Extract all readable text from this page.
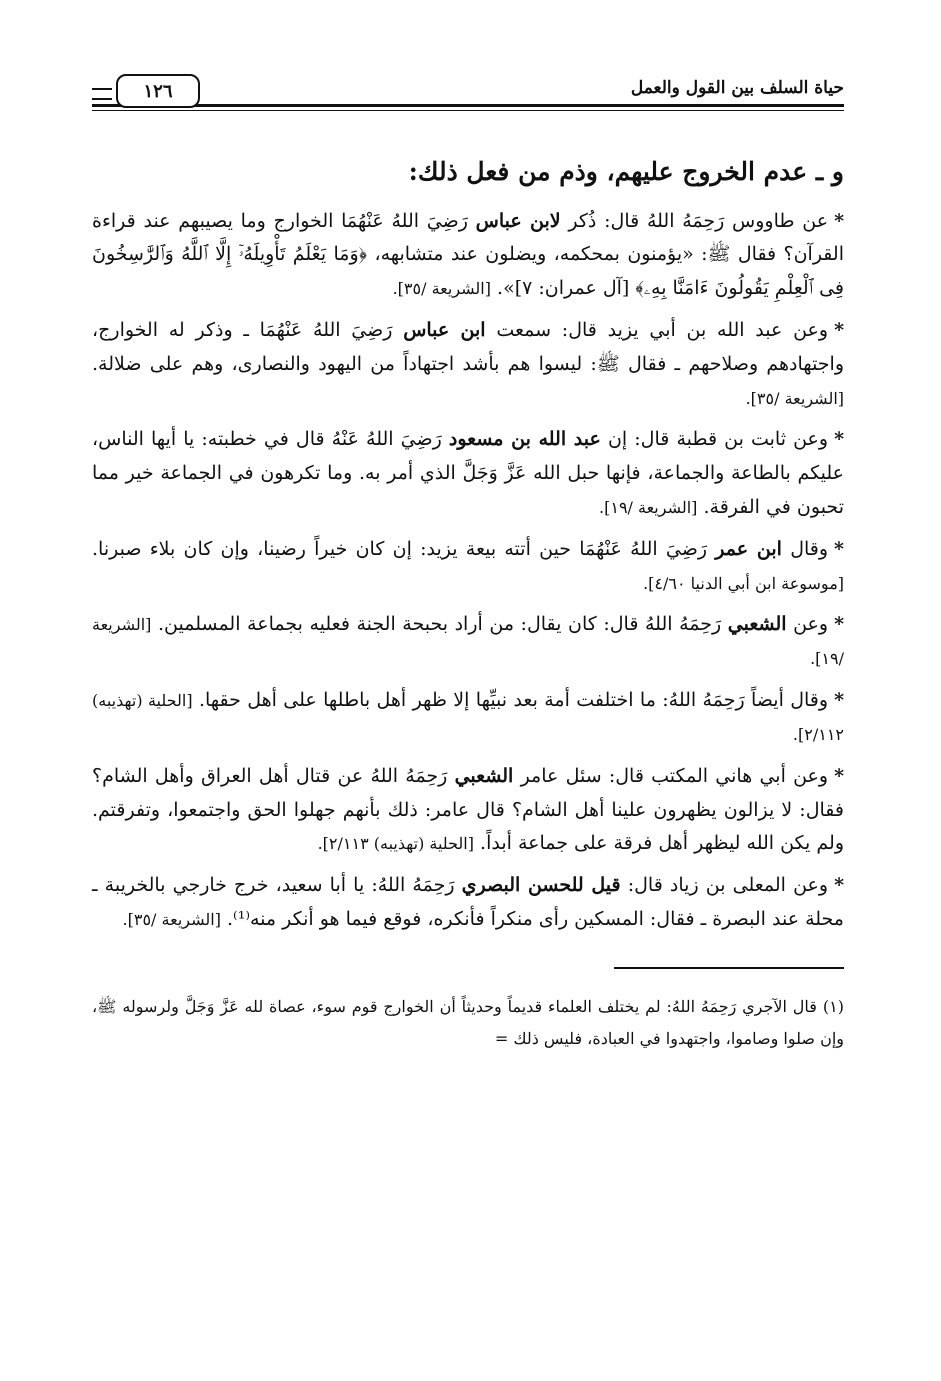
حياة السلف بين القول والعمل
١٢٦
و ـ عدم الخروج عليهم، وذم من فعل ذلك:

*عن طاووس رَحِمَهُ اللهُ قال: ذُكر لابن عباس رَضِيَ اللهُ عَنْهُمَا الخوارج وما يصيبهم عند قراءة القرآن؟ فقال ﷺ: «يؤمنون بمحكمه، ويضلون عند متشابهه، ﴿وَمَا يَعْلَمُ تَأْوِيلَهُۥٓ إِلَّا ٱللَّهُ وَٱلرَّٰسِخُونَ فِى ٱلْعِلْمِ يَقُولُونَ ءَامَنَّا بِهِۦ﴾ [آل عمران: ٧]». [الشريعة /٣٥].

*وعن عبد الله بن أبي يزيد قال: سمعت ابن عباس رَضِيَ اللهُ عَنْهُمَا ـ وذكر له الخوارج، واجتهادهم وصلاحهم ـ فقال ﷺ: ليسوا هم بأشد اجتهاداً من اليهود والنصارى، وهم على ضلالة. [الشريعة /٣٥].

*وعن ثابت بن قطبة قال: إن عبد الله بن مسعود رَضِيَ اللهُ عَنْهُ قال في خطبته: يا أيها الناس، عليكم بالطاعة والجماعة، فإنها حبل الله عَزَّ وَجَلَّ الذي أمر به. وما تكرهون في الجماعة خير مما تحبون في الفرقة. [الشريعة /١٩].

*وقال ابن عمر رَضِيَ اللهُ عَنْهُمَا حين أتته بيعة يزيد: إن كان خيراً رضينا، وإن كان بلاء صبرنا. [موسوعة ابن أبي الدنيا ٤/٦٠].

*وعن الشعبي رَحِمَهُ اللهُ قال: كان يقال: من أراد بحبحة الجنة فعليه بجماعة المسلمين. [الشريعة /١٩].

*وقال أيضاً رَحِمَهُ اللهُ: ما اختلفت أمة بعد نبيِّها إلا ظهر أهل باطلها على أهل حقها. [الحلية (تهذيبه) ٢/١١٢].

*وعن أبي هاني المكتب قال: سئل عامر الشعبي رَحِمَهُ اللهُ عن قتال أهل العراق وأهل الشام؟ فقال: لا يزالون يظهرون علينا أهل الشام؟ قال عامر: ذلك بأنهم جهلوا الحق واجتمعوا، وتفرقتم. ولم يكن الله ليظهر أهل فرقة على جماعة أبداً. [الحلية (تهذيبه) ٢/١١٣].

*وعن المعلى بن زياد قال: قيل للحسن البصري رَحِمَهُ اللهُ: يا أبا سعيد، خرج خارجي بالخريبة ـ محلة عند البصرة ـ فقال: المسكين رأى منكراً فأنكره، فوقع فيما هو أنكر منه⁽¹⁾. [الشريعة /٣٥].

(١)قال الآجري رَحِمَهُ اللهُ: لم يختلف العلماء قديماً وحديثاً أن الخوارج قوم سوء، عصاة لله عَزَّ وَجَلَّ ولرسوله ﷺ، وإن صلوا وصاموا، واجتهدوا في العبادة، فليس ذلك =
